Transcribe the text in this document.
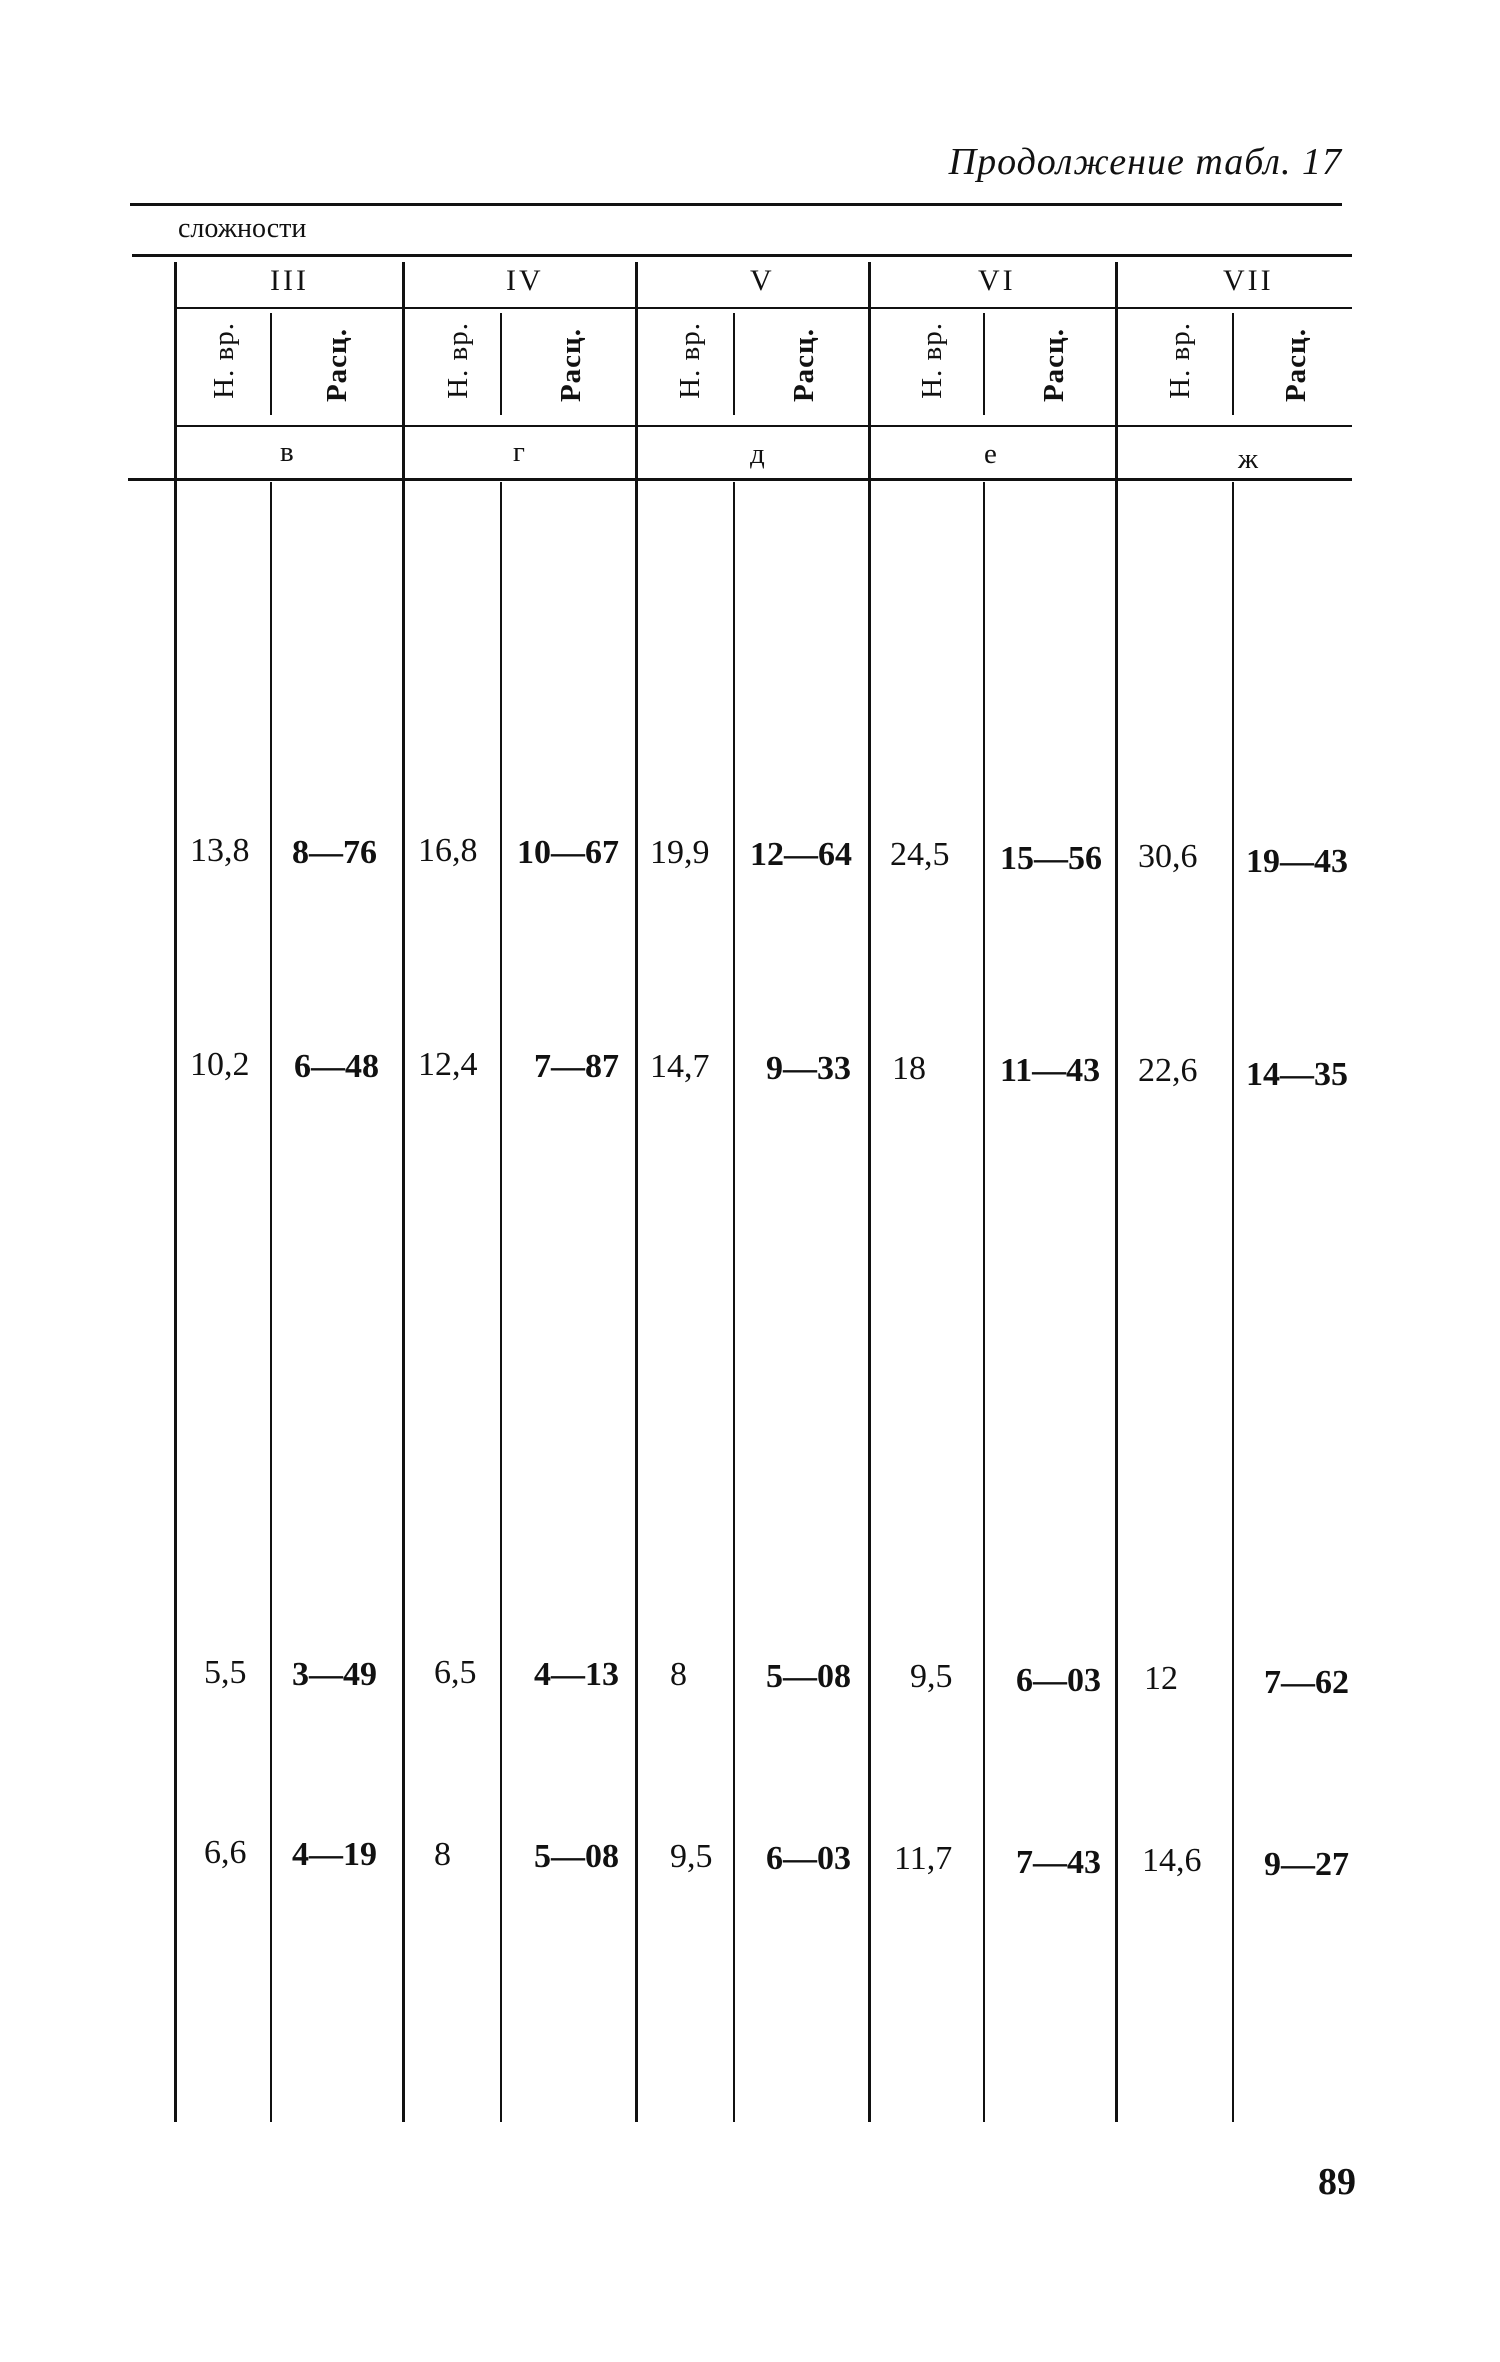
Продолжение табл. 17
сложности
III	IV	V	VI	VII
Н. вр.	Расц.	Н. вр.	Расц.	Н. вр.	Расц.	Н. вр.	Расц.	Н. вр.	Расц.
в	г	д	е	ж
13,8 8—76 16,8 10—67 19,9 12—64 24,5 15—56 30,6 19—43
10,2 6—48 12,4 7—87 14,7 9—33 18 11—43 22,6 14—35
5,5 3—49 6,5 4—13 8 5—08 9,5 6—03 12	7—62
6,6 4—19 8 5—08 9,5 6—03 11,7 7—43 14,6 9—27
89
